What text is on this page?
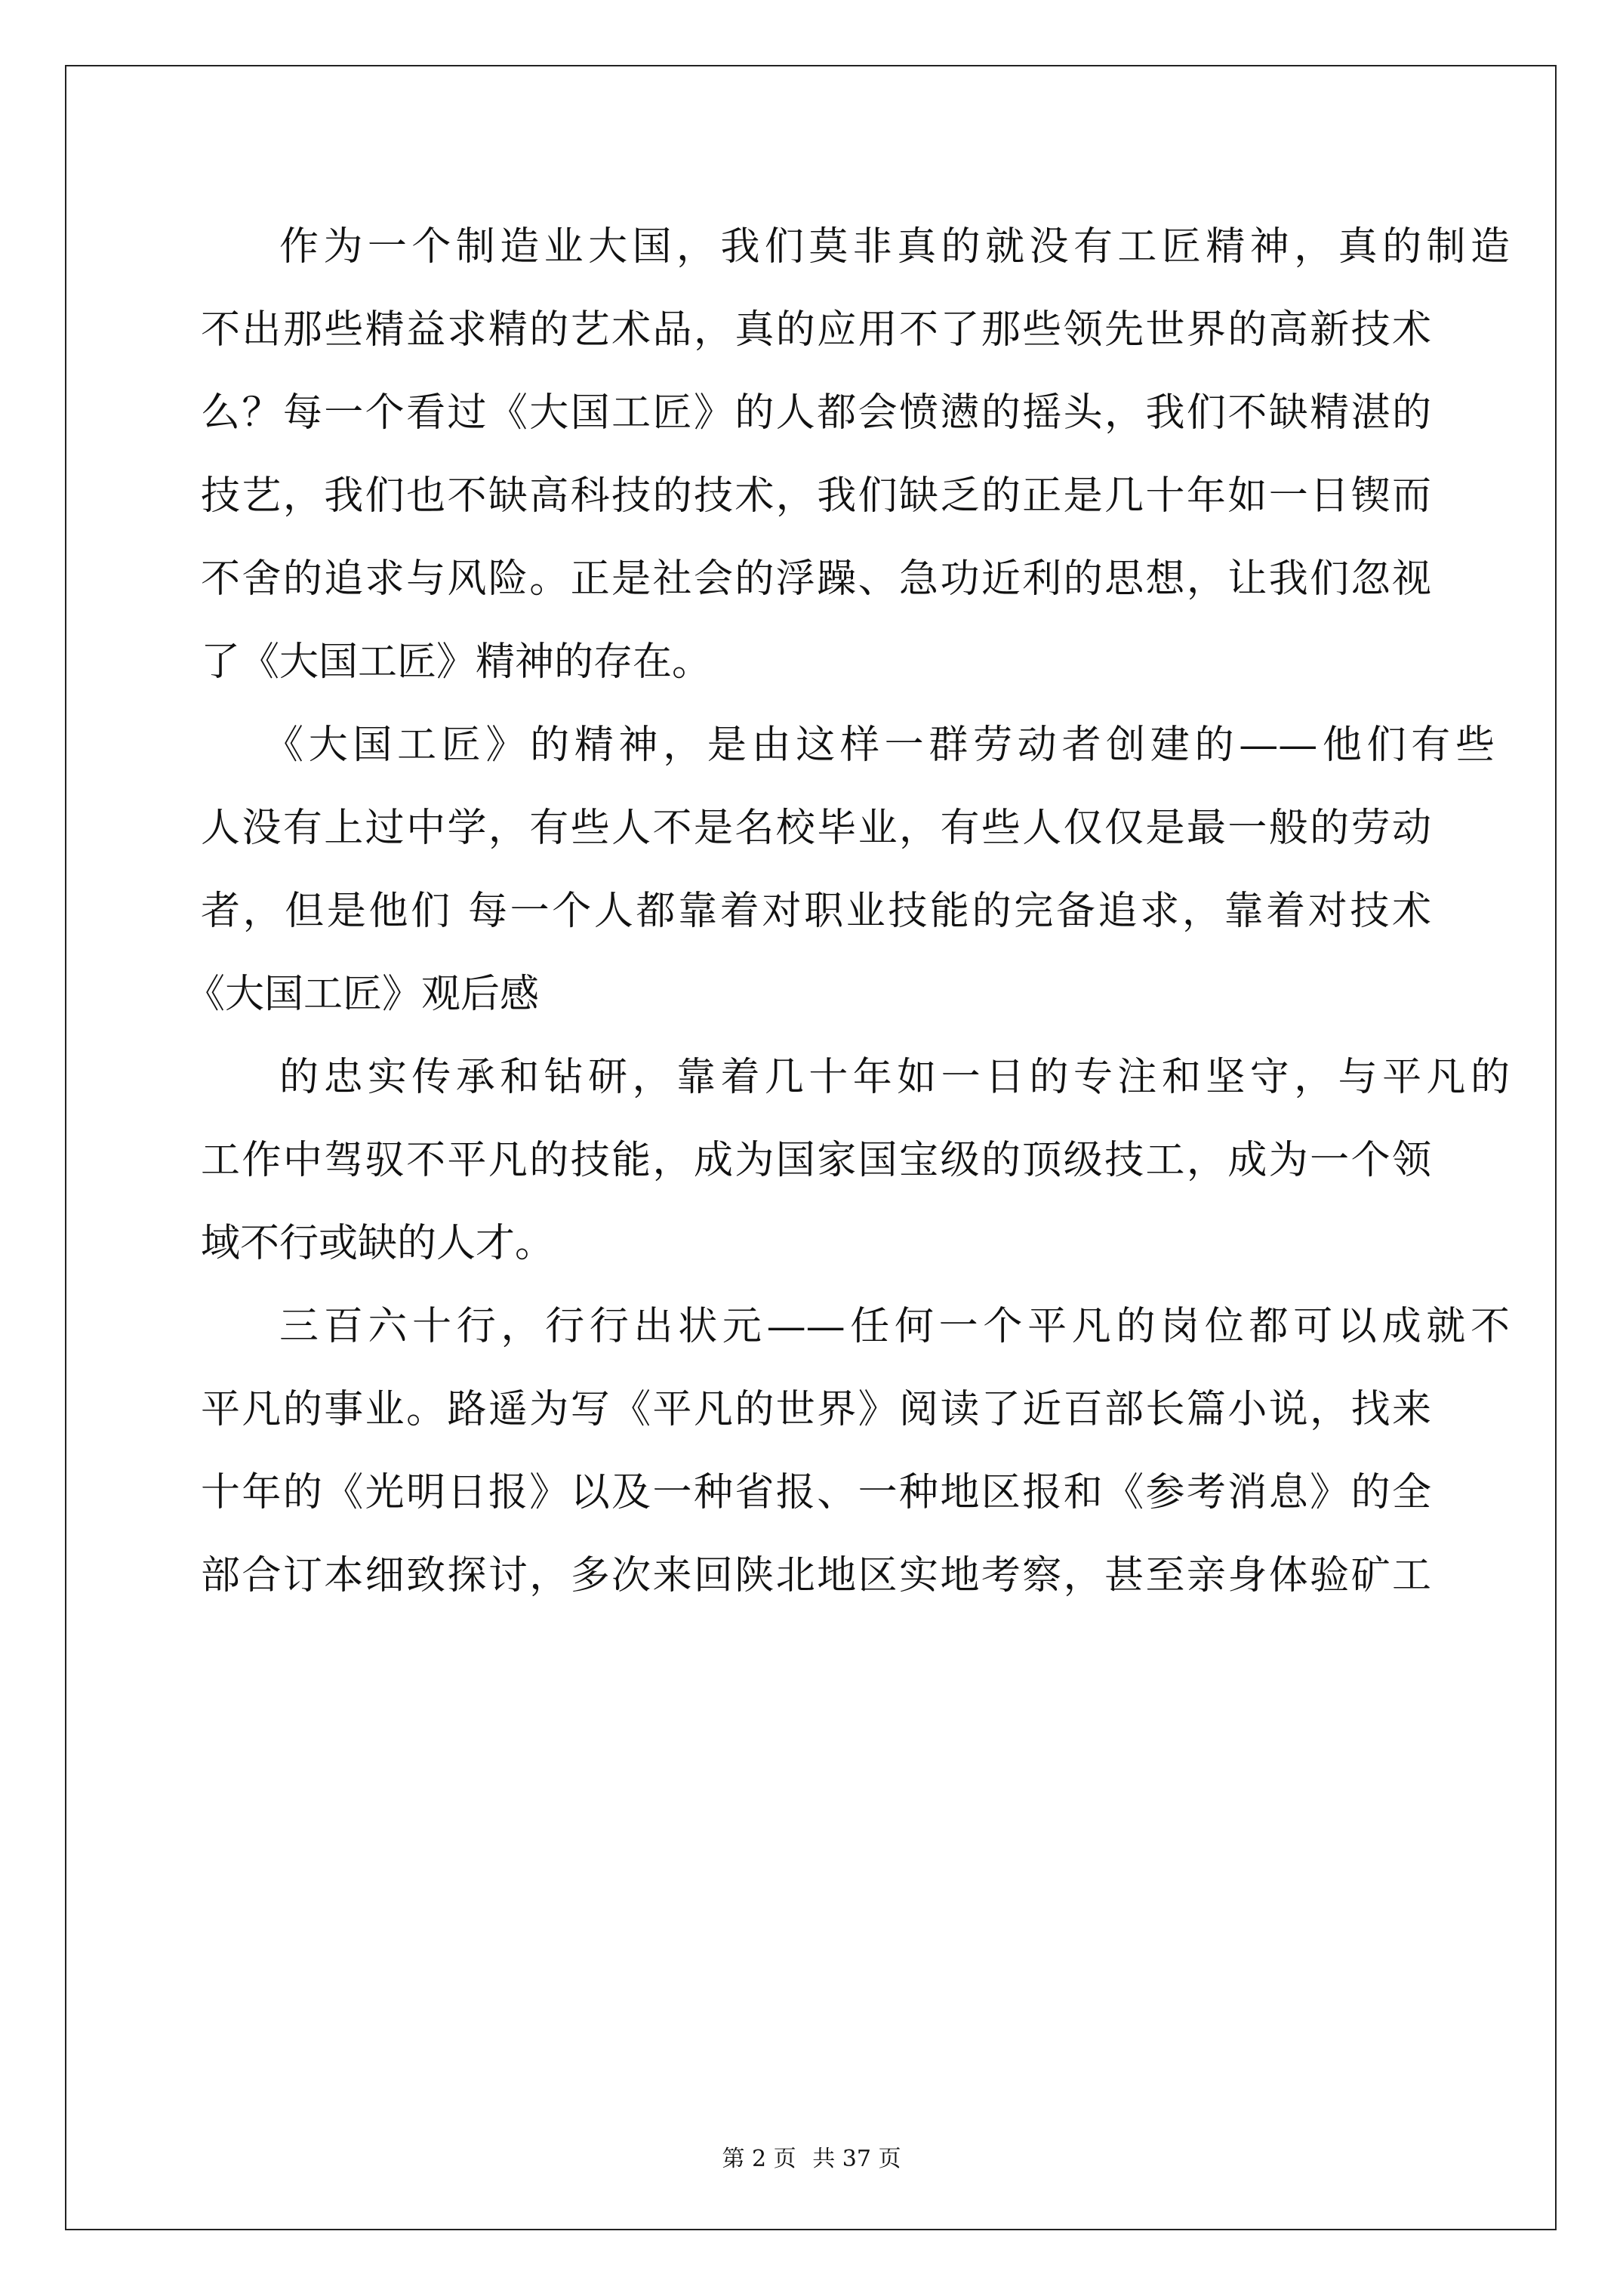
作为一个制造业大国，我们莫非真的就没有工匠精神，真的制造
不出那些精益求精的艺术品，真的应用不了那些领先世界的高新技术
么？每一个看过《大国工匠》的人都会愤懑的摇头，我们不缺精湛的
技艺，我们也不缺高科技的技术，我们缺乏的正是几十年如一日锲而
不舍的追求与风险。正是社会的浮躁、急功近利的思想，让我们忽视
了《大国工匠》精神的存在。
《大国工匠》的精神，是由这样一群劳动者创建的——他们有些
人没有上过中学，有些人不是名校毕业，有些人仅仅是最一般的劳动
者，但是他们 每一个人都靠着对职业技能的完备追求，靠着对技术
《大国工匠》观后感
的忠实传承和钻研，靠着几十年如一日的专注和坚守，与平凡的
工作中驾驭不平凡的技能，成为国家国宝级的顶级技工，成为一个领
域不行或缺的人才。
三百六十行，行行出状元——任何一个平凡的岗位都可以成就不
平凡的事业。路遥为写《平凡的世界》阅读了近百部长篇小说，找来
十年的《光明日报》以及一种省报、一种地区报和《参考消息》的全
部合订本细致探讨，多次来回陕北地区实地考察，甚至亲身体验矿工
第 2 页 共 37 页
